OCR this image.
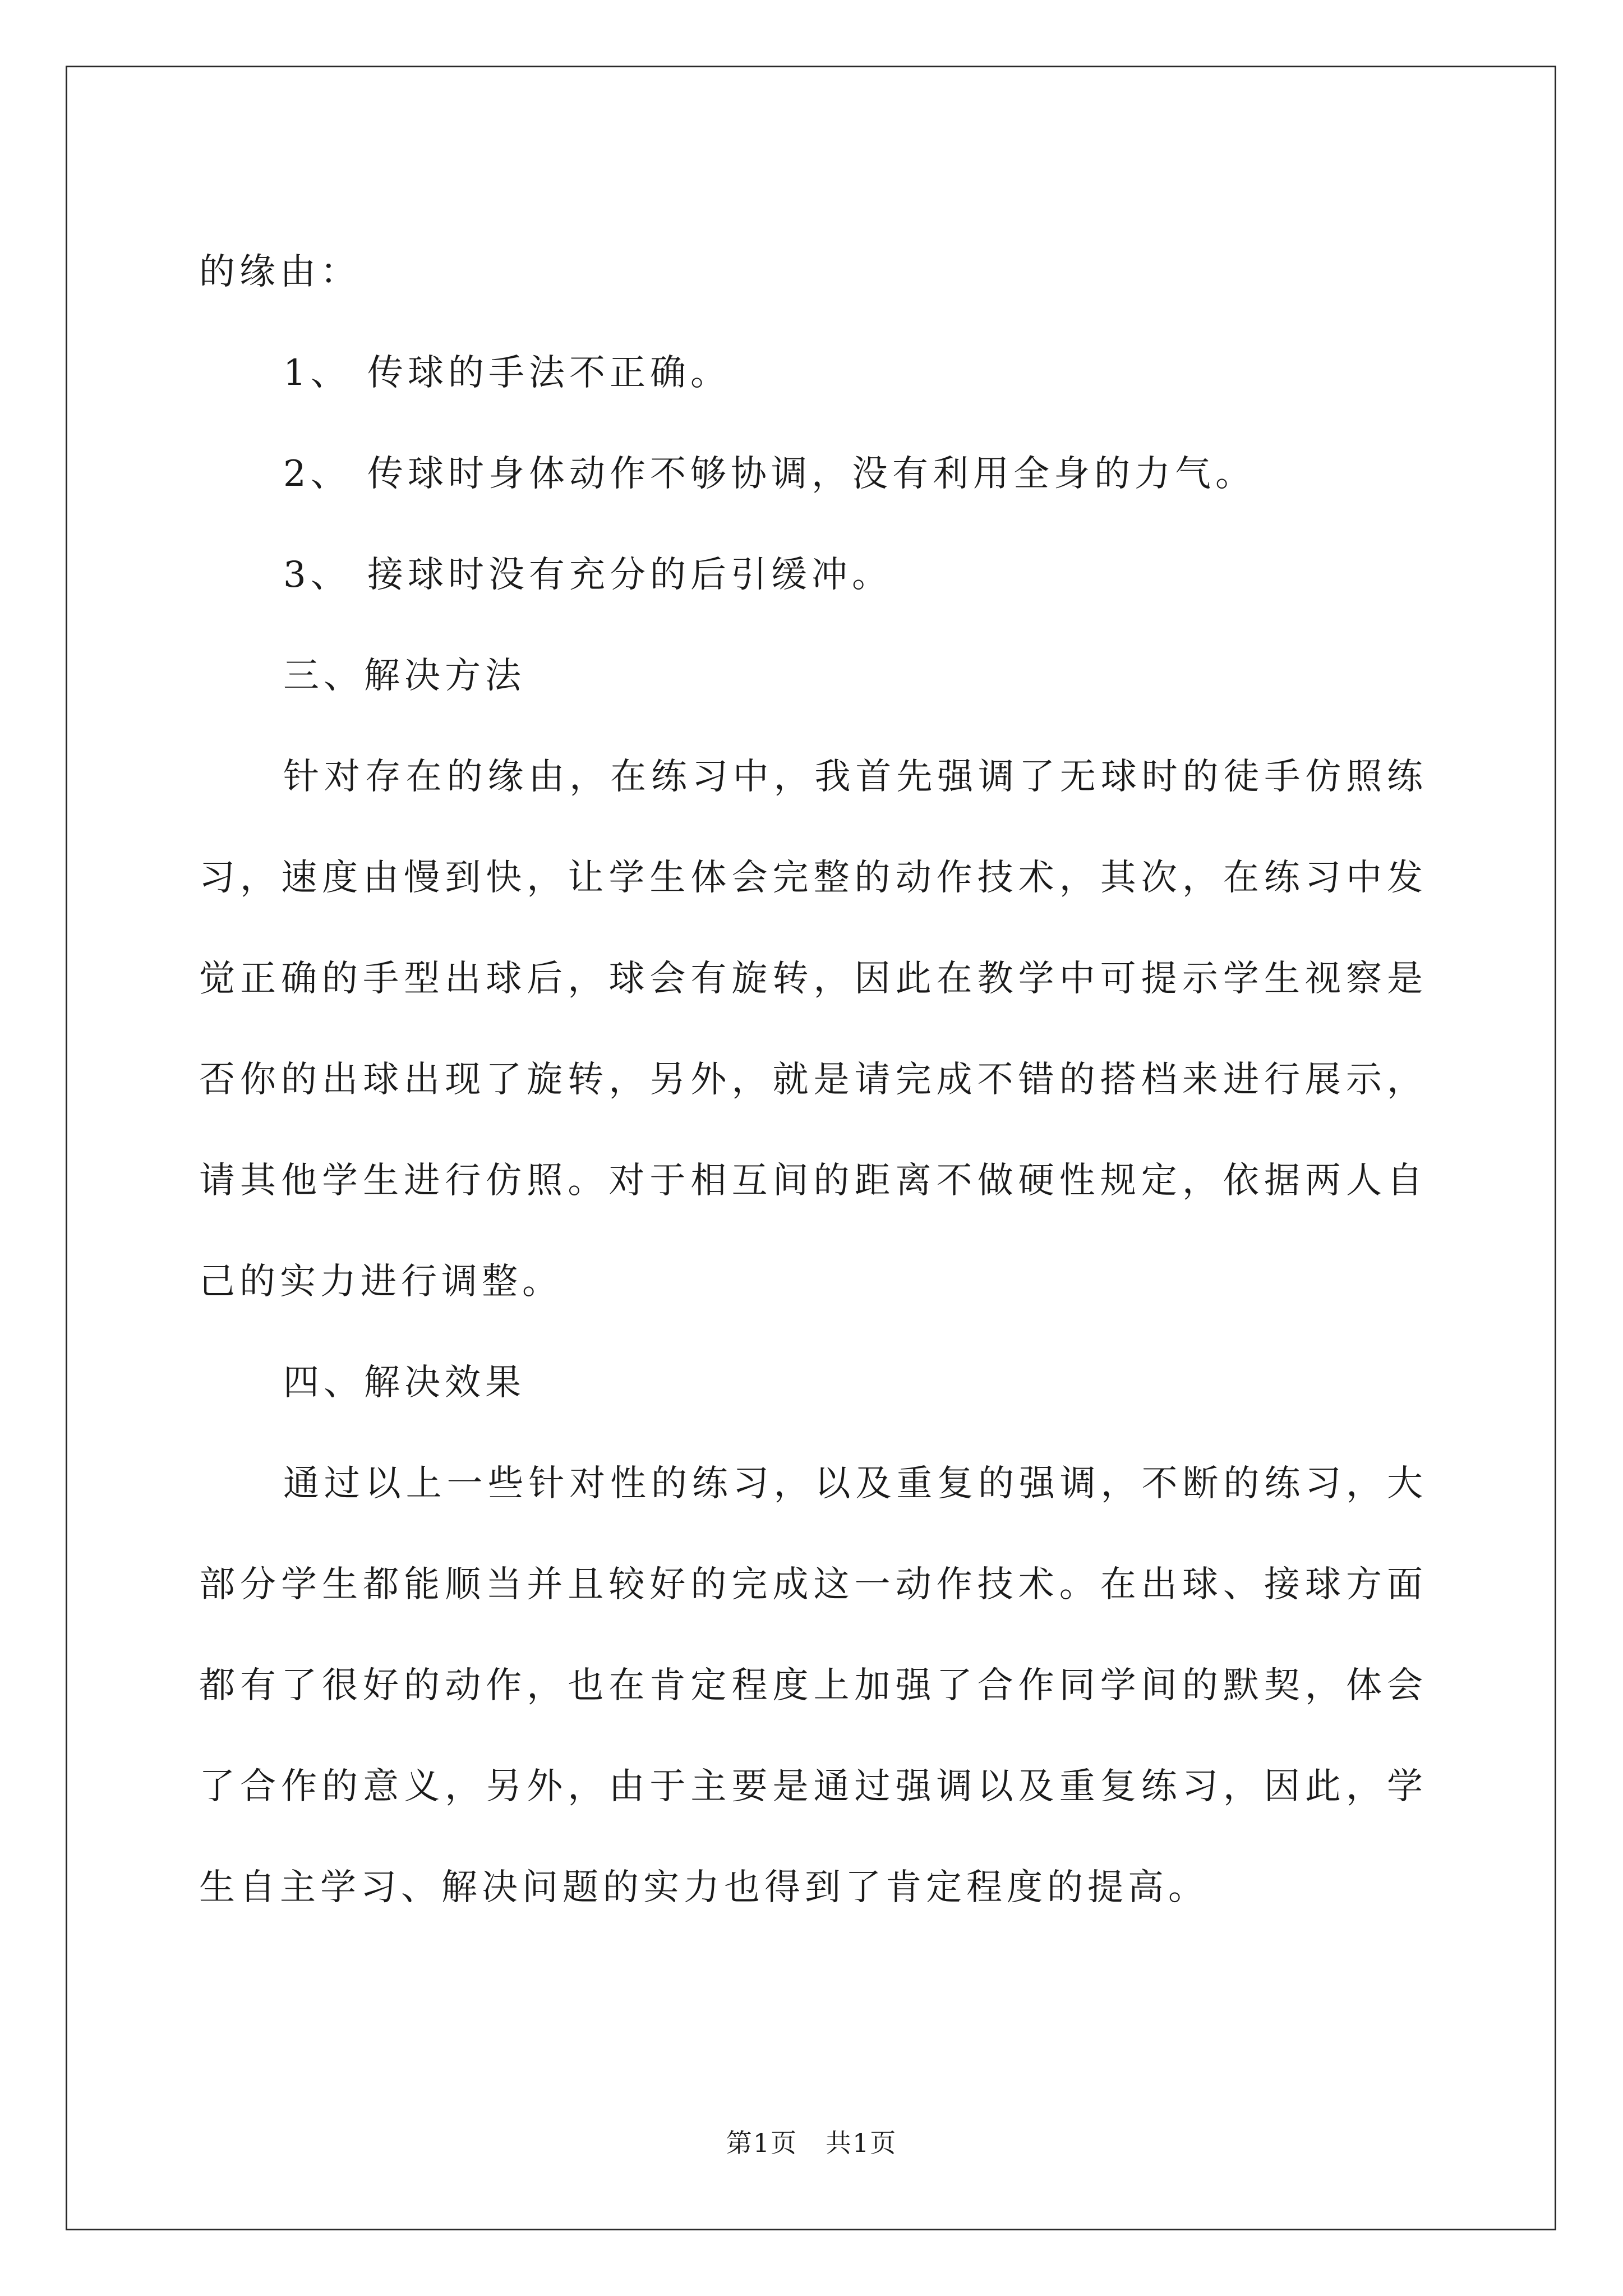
的缘由：

1、 传球的手法不正确。

2、 传球时身体动作不够协调，没有利用全身的力气。

3、 接球时没有充分的后引缓冲。

三、解决方法

针对存在的缘由，在练习中，我首先强调了无球时的徒手仿照练习，速度由慢到快，让学生体会完整的动作技术，其次，在练习中发觉正确的手型出球后，球会有旋转，因此在教学中可提示学生视察是否你的出球出现了旋转，另外，就是请完成不错的搭档来进行展示，请其他学生进行仿照。对于相互间的距离不做硬性规定，依据两人自己的实力进行调整。

四、解决效果

通过以上一些针对性的练习，以及重复的强调，不断的练习，大部分学生都能顺当并且较好的完成这一动作技术。在出球、接球方面都有了很好的动作，也在肯定程度上加强了合作同学间的默契，体会了合作的意义，另外，由于主要是通过强调以及重复练习，因此，学生自主学习、解决问题的实力也得到了肯定程度的提高。

第1页 共1页
